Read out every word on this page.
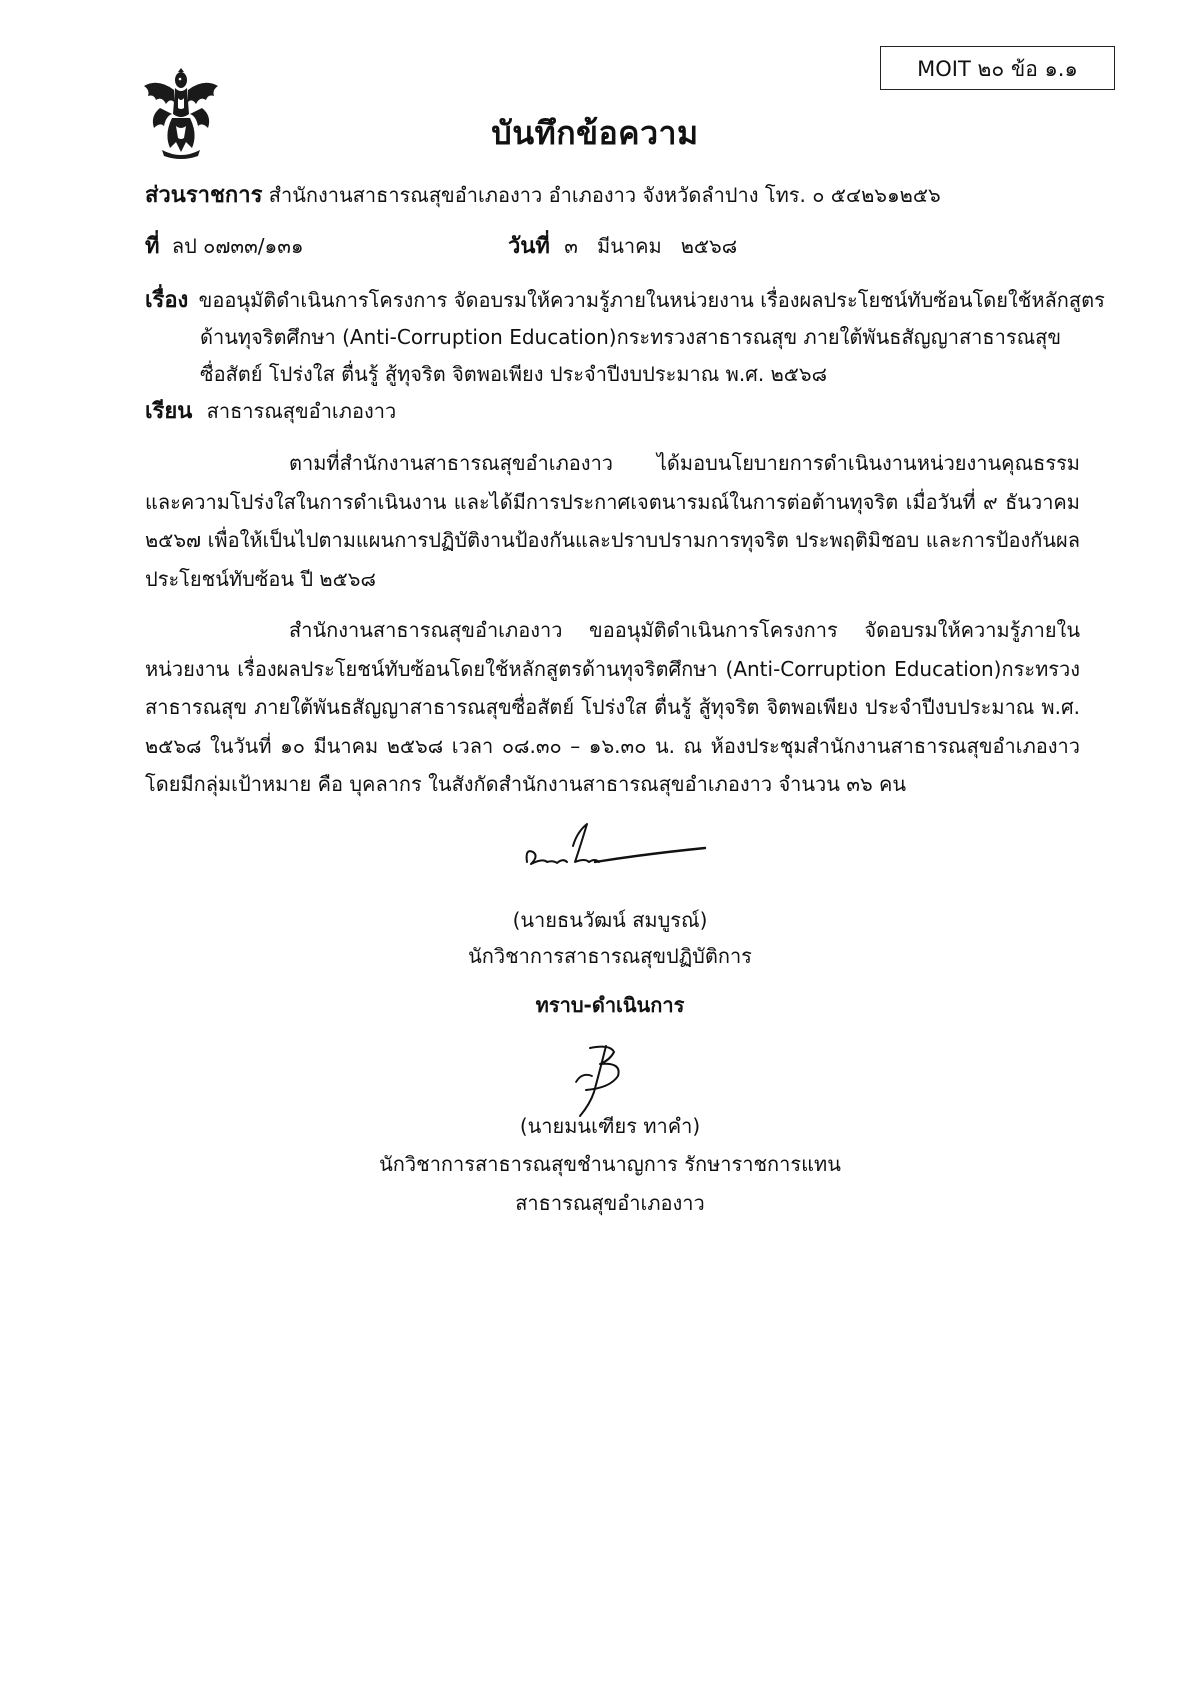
MOIT ๒๐ ข้อ ๑.๑
บันทึกข้อความ
ส่วนราชการ สำนักงานสาธารณสุขอำเภองาว อำเภองาว จังหวัดลำปาง โทร. ๐ ๕๔๒๖๑๒๕๖
ที่ ลป ๐๗๓๓/๑๓๑	วันที่ ๓   มีนาคม   ๒๕๖๘
เรื่อง ขออนุมัติดำเนินการโครงการ จัดอบรมให้ความรู้ภายในหน่วยงาน เรื่องผลประโยชน์ทับซ้อนโดยใช้หลักสูตร
ด้านทุจริตศึกษา (Anti-Corruption Education)กระทรวงสาธารณสุข ภายใต้พันธสัญญาสาธารณสุข
ซื่อสัตย์ โปร่งใส ตื่นรู้ สู้ทุจริต จิตพอเพียง ประจำปีงบประมาณ พ.ศ. ๒๕๖๘
เรียน สาธารณสุขอำเภองาว
ตามที่สำนักงานสาธารณสุขอำเภองาว ได้มอบนโยบายการดำเนินงานหน่วยงานคุณธรรม และความโปร่งใสในการดำเนินงาน และได้มีการประกาศเจตนารมณ์ในการต่อต้านทุจริต เมื่อวันที่ ๙ ธันวาคม ๒๕๖๗ เพื่อให้เป็นไปตามแผนการปฏิบัติงานป้องกันและปราบปรามการทุจริต ประพฤติมิชอบ และการป้องกันผลประโยชน์ทับซ้อน ปี ๒๕๖๘
สำนักงานสาธารณสุขอำเภองาว ขออนุมัติดำเนินการโครงการ จัดอบรมให้ความรู้ภายในหน่วยงาน เรื่องผลประโยชน์ทับซ้อนโดยใช้หลักสูตรด้านทุจริตศึกษา (Anti-Corruption Education)กระทรวงสาธารณสุข ภายใต้พันธสัญญาสาธารณสุขซื่อสัตย์ โปร่งใส ตื่นรู้ สู้ทุจริต จิตพอเพียง ประจำปีงบประมาณ พ.ศ. ๒๕๖๘ ในวันที่ ๑๐ มีนาคม ๒๕๖๘ เวลา ๐๘.๓๐ – ๑๖.๓๐ น. ณ ห้องประชุมสำนักงานสาธารณสุขอำเภองาว โดยมีกลุ่มเป้าหมาย คือ บุคลากร ในสังกัดสำนักงานสาธารณสุขอำเภองาว จำนวน ๓๖ คน
(นายธนวัฒน์ สมบูรณ์)
นักวิชาการสาธารณสุขปฏิบัติการ
ทราบ-ดำเนินการ
(นายมนเฑียร ทาคำ)
นักวิชาการสาธารณสุขชำนาญการ รักษาราชการแทน
สาธารณสุขอำเภองาว
